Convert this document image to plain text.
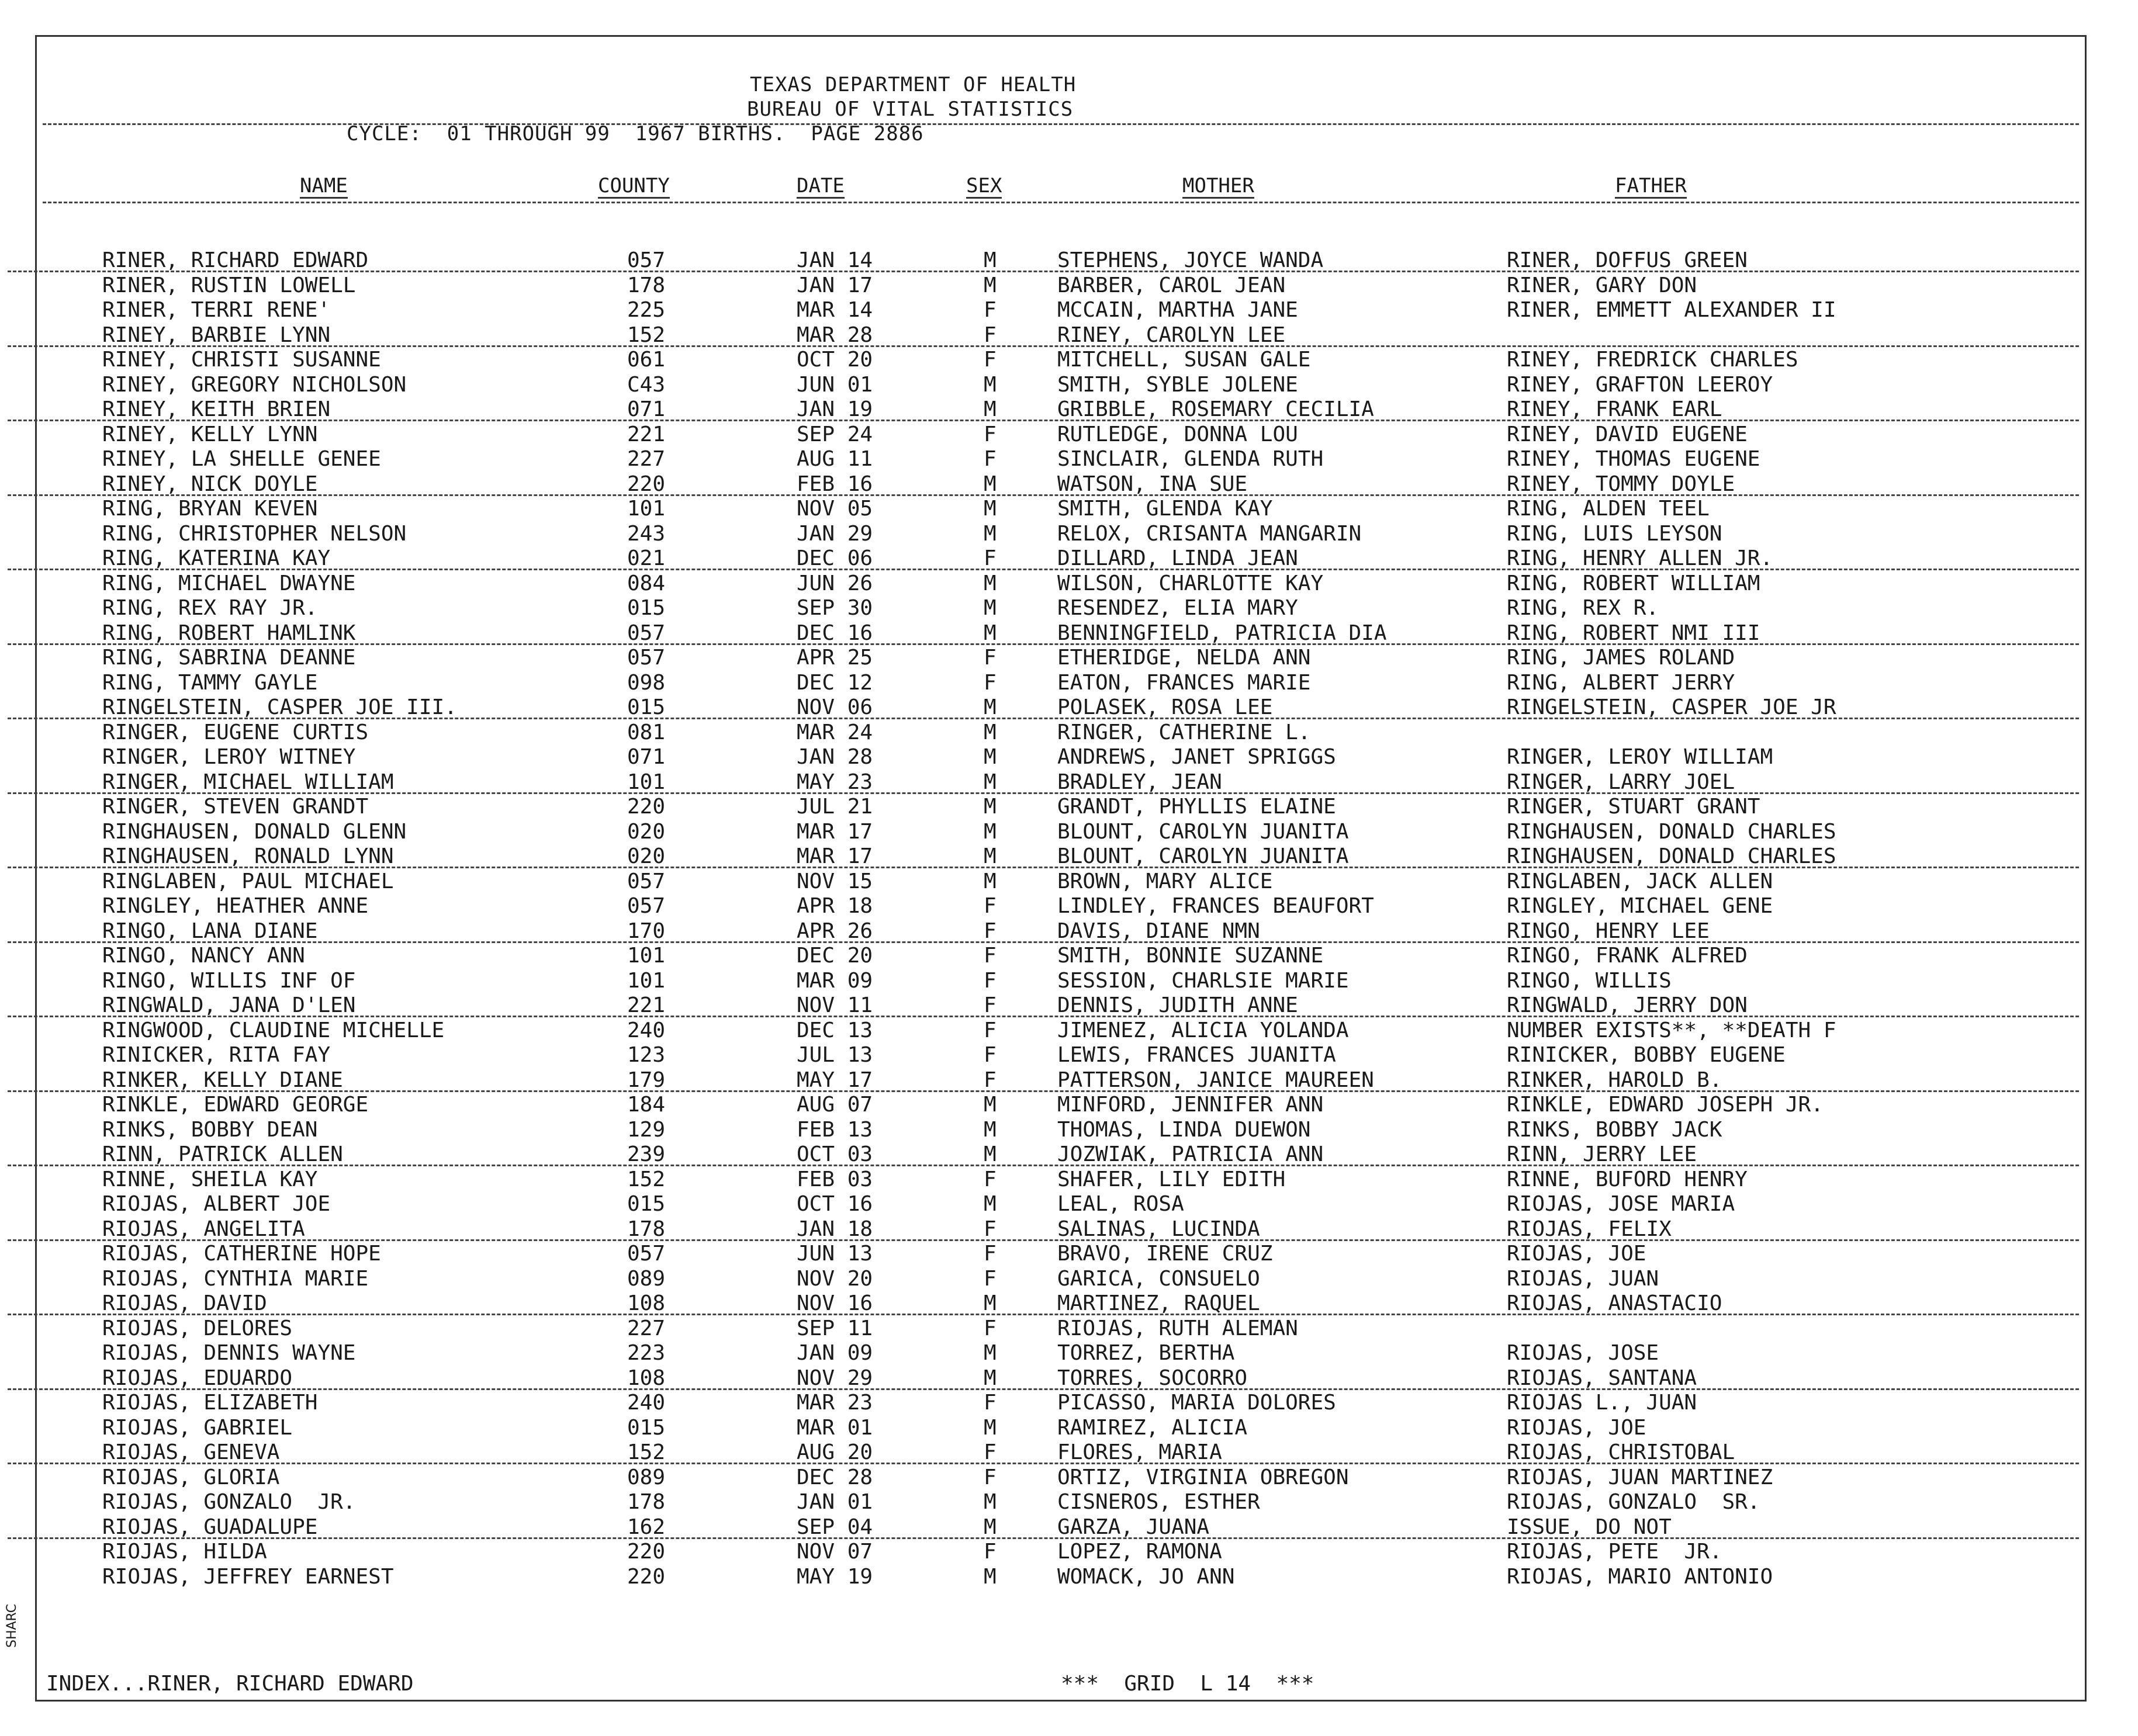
TEXAS DEPARTMENT OF HEALTH
BUREAU OF VITAL STATISTICS
CYCLE:  01 THROUGH 99  1967 BIRTHS.  PAGE 2886
NAME	COUNTY	DATE	SEX	MOTHER	FATHER
RINER, RICHARD EDWARD	057	JAN 14	M	STEPHENS, JOYCE WANDA	RINER, DOFFUS GREEN
RINER, RUSTIN LOWELL	178	JAN 17	M	BARBER, CAROL JEAN	RINER, GARY DON
RINER, TERRI RENE'	225	MAR 14	F	MCCAIN, MARTHA JANE	RINER, EMMETT ALEXANDER II
RINEY, BARBIE LYNN	152	MAR 28	F	RINEY, CAROLYN LEE
RINEY, CHRISTI SUSANNE	061	OCT 20	F	MITCHELL, SUSAN GALE	RINEY, FREDRICK CHARLES
RINEY, GREGORY NICHOLSON	C43	JUN 01	M	SMITH, SYBLE JOLENE	RINEY, GRAFTON LEEROY
RINEY, KEITH BRIEN	071	JAN 19	M	GRIBBLE, ROSEMARY CECILIA	RINEY, FRANK EARL
RINEY, KELLY LYNN	221	SEP 24	F	RUTLEDGE, DONNA LOU	RINEY, DAVID EUGENE
RINEY, LA SHELLE GENEE	227	AUG 11	F	SINCLAIR, GLENDA RUTH	RINEY, THOMAS EUGENE
RINEY, NICK DOYLE	220	FEB 16	M	WATSON, INA SUE	RINEY, TOMMY DOYLE
RING, BRYAN KEVEN	101	NOV 05	M	SMITH, GLENDA KAY	RING, ALDEN TEEL
RING, CHRISTOPHER NELSON	243	JAN 29	M	RELOX, CRISANTA MANGARIN	RING, LUIS LEYSON
RING, KATERINA KAY	021	DEC 06	F	DILLARD, LINDA JEAN	RING, HENRY ALLEN JR.
RING, MICHAEL DWAYNE	084	JUN 26	M	WILSON, CHARLOTTE KAY	RING, ROBERT WILLIAM
RING, REX RAY JR.	015	SEP 30	M	RESENDEZ, ELIA MARY	RING, REX R.
RING, ROBERT HAMLINK	057	DEC 16	M	BENNINGFIELD, PATRICIA DIA	RING, ROBERT NMI III
RING, SABRINA DEANNE	057	APR 25	F	ETHERIDGE, NELDA ANN	RING, JAMES ROLAND
RING, TAMMY GAYLE	098	DEC 12	F	EATON, FRANCES MARIE	RING, ALBERT JERRY
RINGELSTEIN, CASPER JOE III.	015	NOV 06	M	POLASEK, ROSA LEE	RINGELSTEIN, CASPER JOE JR
RINGER, EUGENE CURTIS	081	MAR 24	M	RINGER, CATHERINE L.
RINGER, LEROY WITNEY	071	JAN 28	M	ANDREWS, JANET SPRIGGS	RINGER, LEROY WILLIAM
RINGER, MICHAEL WILLIAM	101	MAY 23	M	BRADLEY, JEAN	RINGER, LARRY JOEL
RINGER, STEVEN GRANDT	220	JUL 21	M	GRANDT, PHYLLIS ELAINE	RINGER, STUART GRANT
RINGHAUSEN, DONALD GLENN	020	MAR 17	M	BLOUNT, CAROLYN JUANITA	RINGHAUSEN, DONALD CHARLES
RINGHAUSEN, RONALD LYNN	020	MAR 17	M	BLOUNT, CAROLYN JUANITA	RINGHAUSEN, DONALD CHARLES
RINGLABEN, PAUL MICHAEL	057	NOV 15	M	BROWN, MARY ALICE	RINGLABEN, JACK ALLEN
RINGLEY, HEATHER ANNE	057	APR 18	F	LINDLEY, FRANCES BEAUFORT	RINGLEY, MICHAEL GENE
RINGO, LANA DIANE	170	APR 26	F	DAVIS, DIANE NMN	RINGO, HENRY LEE
RINGO, NANCY ANN	101	DEC 20	F	SMITH, BONNIE SUZANNE	RINGO, FRANK ALFRED
RINGO, WILLIS INF OF	101	MAR 09	F	SESSION, CHARLSIE MARIE	RINGO, WILLIS
RINGWALD, JANA D'LEN	221	NOV 11	F	DENNIS, JUDITH ANNE	RINGWALD, JERRY DON
RINGWOOD, CLAUDINE MICHELLE	240	DEC 13	F	JIMENEZ, ALICIA YOLANDA	NUMBER EXISTS**, **DEATH F
RINICKER, RITA FAY	123	JUL 13	F	LEWIS, FRANCES JUANITA	RINICKER, BOBBY EUGENE
RINKER, KELLY DIANE	179	MAY 17	F	PATTERSON, JANICE MAUREEN	RINKER, HAROLD B.
RINKLE, EDWARD GEORGE	184	AUG 07	M	MINFORD, JENNIFER ANN	RINKLE, EDWARD JOSEPH JR.
RINKS, BOBBY DEAN	129	FEB 13	M	THOMAS, LINDA DUEWON	RINKS, BOBBY JACK
RINN, PATRICK ALLEN	239	OCT 03	M	JOZWIAK, PATRICIA ANN	RINN, JERRY LEE
RINNE, SHEILA KAY	152	FEB 03	F	SHAFER, LILY EDITH	RINNE, BUFORD HENRY
RIOJAS, ALBERT JOE	015	OCT 16	M	LEAL, ROSA	RIOJAS, JOSE MARIA
RIOJAS, ANGELITA	178	JAN 18	F	SALINAS, LUCINDA	RIOJAS, FELIX
RIOJAS, CATHERINE HOPE	057	JUN 13	F	BRAVO, IRENE CRUZ	RIOJAS, JOE
RIOJAS, CYNTHIA MARIE	089	NOV 20	F	GARICA, CONSUELO	RIOJAS, JUAN
RIOJAS, DAVID	108	NOV 16	M	MARTINEZ, RAQUEL	RIOJAS, ANASTACIO
RIOJAS, DELORES	227	SEP 11	F	RIOJAS, RUTH ALEMAN
RIOJAS, DENNIS WAYNE	223	JAN 09	M	TORREZ, BERTHA	RIOJAS, JOSE
RIOJAS, EDUARDO	108	NOV 29	M	TORRES, SOCORRO	RIOJAS, SANTANA
RIOJAS, ELIZABETH	240	MAR 23	F	PICASSO, MARIA DOLORES	RIOJAS L., JUAN
RIOJAS, GABRIEL	015	MAR 01	M	RAMIREZ, ALICIA	RIOJAS, JOE
RIOJAS, GENEVA	152	AUG 20	F	FLORES, MARIA	RIOJAS, CHRISTOBAL
RIOJAS, GLORIA	089	DEC 28	F	ORTIZ, VIRGINIA OBREGON	RIOJAS, JUAN MARTINEZ
RIOJAS, GONZALO  JR.	178	JAN 01	M	CISNEROS, ESTHER	RIOJAS, GONZALO  SR.
RIOJAS, GUADALUPE	162	SEP 04	M	GARZA, JUANA	ISSUE, DO NOT
RIOJAS, HILDA	220	NOV 07	F	LOPEZ, RAMONA	RIOJAS, PETE  JR.
RIOJAS, JEFFREY EARNEST	220	MAY 19	M	WOMACK, JO ANN	RIOJAS, MARIO ANTONIO
INDEX...RINER, RICHARD EDWARD	***  GRID  L 14  ***
SHARC
